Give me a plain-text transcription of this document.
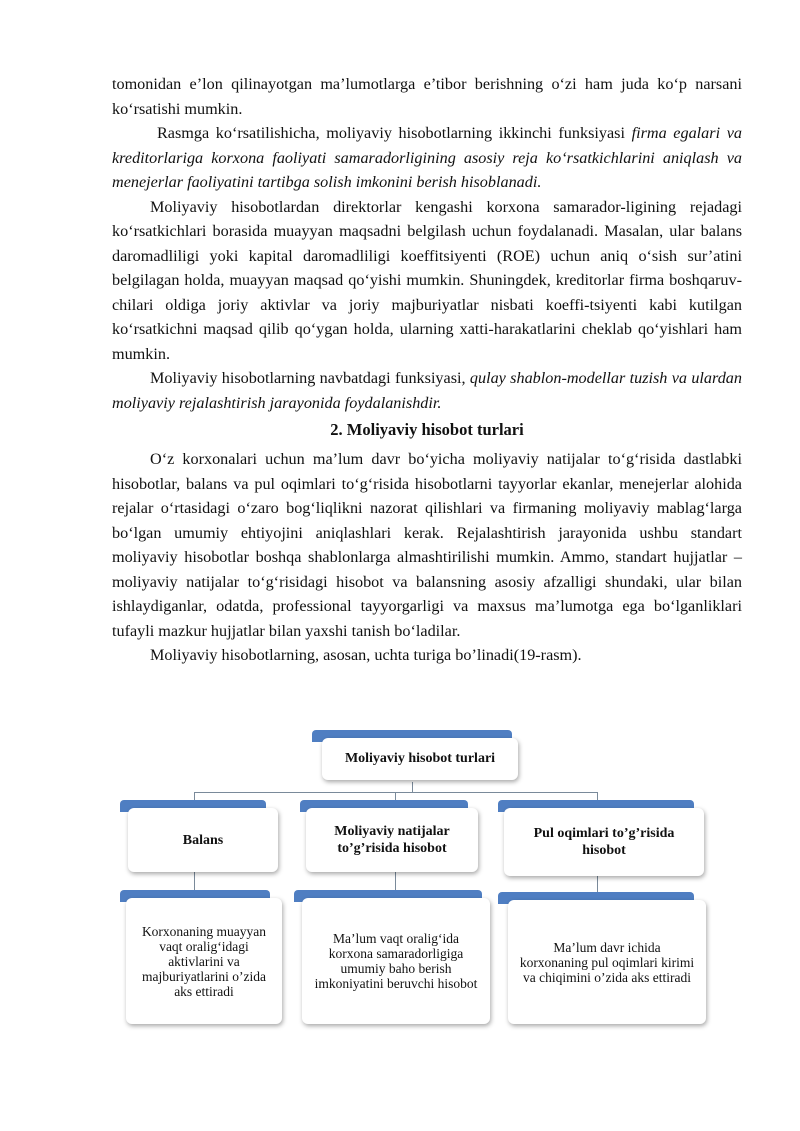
tomonidan e’lon qilinayotgan ma’lumotlarga e’tibor berishning o‘zi ham juda ko‘p narsani ko‘rsatishi mumkin.

Rasmga ko‘rsatilishicha, moliyaviy hisobotlarning ikkinchi funksiyasi firma egalari va kreditorlariga korxona faoliyati samaradorligining asosiy reja ko‘rsatkichlarini aniqlash va menejerlar faoliyatini tartibga solish imkonini berish hisoblanadi.

Moliyaviy hisobotlardan direktorlar kengashi korxona samarador-ligining rejadagi ko‘rsatkichlari borasida muayyan maqsadni belgilash uchun foydalanadi. Masalan, ular balans daromadliligi yoki kapital daromadliligi koeffitsiyenti (ROE) uchun aniq o‘sish sur’atini belgilagan holda, muayyan maqsad qo‘yishi mumkin. Shuningdek, kreditorlar firma boshqaruv-chilari oldiga joriy aktivlar va joriy majburiyatlar nisbati koeffi-tsiyenti kabi kutilgan ko‘rsatkichni maqsad qilib qo‘ygan holda, ularning xatti-harakatlarini cheklab qo‘yishlari ham mumkin.

Moliyaviy hisobotlarning navbatdagi funksiyasi, qulay shablon-modellar tuzish va ulardan moliyaviy rejalashtirish jarayonida foydalanishdir.

2. Moliyaviy hisobot turlari

O‘z korxonalari uchun ma’lum davr bo‘yicha moliyaviy natijalar to‘g‘risida dastlabki hisobotlar, balans va pul oqimlari to‘g‘risida hisobotlarni tayyorlar ekanlar, menejerlar alohida rejalar o‘rtasidagi o‘zaro bog‘liqlikni nazorat qilishlari va firmaning moliyaviy mablag‘larga bo‘lgan umumiy ehtiyojini aniqlashlari kerak. Rejalashtirish jarayonida ushbu standart moliyaviy hisobotlar boshqa shablonlarga almashtirilishi mumkin. Ammo, standart hujjatlar – moliyaviy natijalar to‘g‘risidagi hisobot va balansning asosiy afzalligi shundaki, ular bilan ishlaydiganlar, odatda, professional tayyorgarligi va maxsus ma’lumotga ega bo‘lganliklari tufayli mazkur hujjatlar bilan yaxshi tanish bo‘ladilar.

Moliyaviy hisobotlarning, asosan, uchta turiga bo’linadi(19-rasm).

Moliyaviy hisobot turlari
Balans
Korxonaning muayyan vaqt oralig‘idagi aktivlarini va majburiyatlarini o’zida aks ettiradi
Moliyaviy natijalar to’g’risida hisobot
Ma’lum vaqt oralig‘ida korxona samaradorligiga umumiy baho berish imkoniyatini beruvchi hisobot
Pul oqimlari to’g’risida hisobot
Ma’lum davr ichida korxonaning pul oqimlari kirimi va chiqimini o’zida aks ettiradi
